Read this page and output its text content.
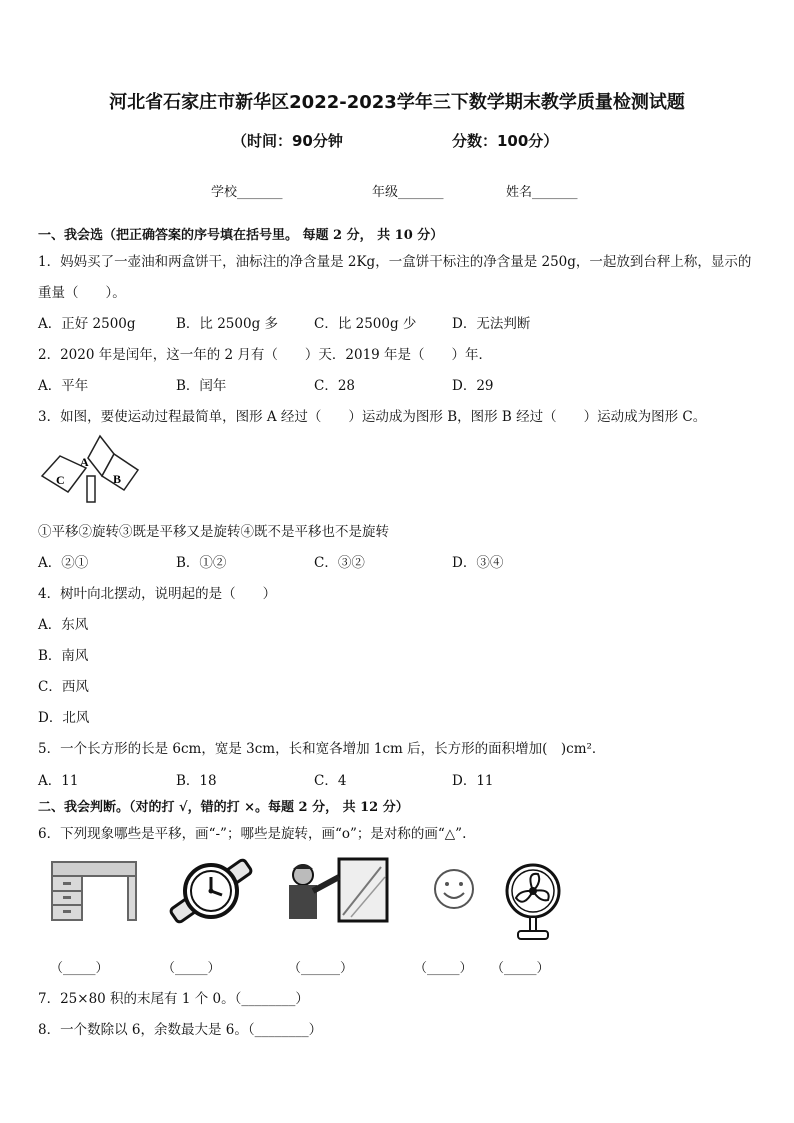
河北省石家庄市新华区2022-2023学年三下数学期末教学质量检测试题
（时间：90分钟	分数：100分）
学校_______	年级_______	姓名_______
一、我会选（把正确答案的序号填在括号里。 每题 2 分， 共 10 分）
1．妈妈买了一壶油和两盒饼干，油标注的净含量是 2Kg，一盒饼干标注的净含量是 250g，一起放到台秤上称，显示的
重量（　　）。
A．正好 2500g	B．比 2500g 多	C．比 2500g 少	D．无法判断
2．2020 年是闰年，这一年的 2 月有（　　）天．2019 年是（　　）年．
A．平年	B．闰年	C．28	D．29
3．如图，要使运动过程最简单，图形 A 经过（　　）运动成为图形 B，图形 B 经过（　　）运动成为图形 C。
A
B
C
①平移②旋转③既是平移又是旋转④既不是平移也不是旋转
A．②①	B．①②	C．③②	D．③④
4．树叶向北摆动，说明起的是（　　）
A．东风
B．南风
C．西风
D．北风
5．一个长方形的长是 6cm，宽是 3cm，长和宽各增加 1cm 后，长方形的面积增加(　)cm²．
A．11	B．18	C．4	D．11
二、我会判断。（对的打 √，错的打 ×。每题 2 分， 共 12 分）
6．下列现象哪些是平移，画“-”；哪些是旋转，画“o”；是对称的画“△”.
（_____）	（_____）	（______）	（_____） （_____）
7．25×80 积的末尾有 1 个 0。（________）
8．一个数除以 6，余数最大是 6。（________）
